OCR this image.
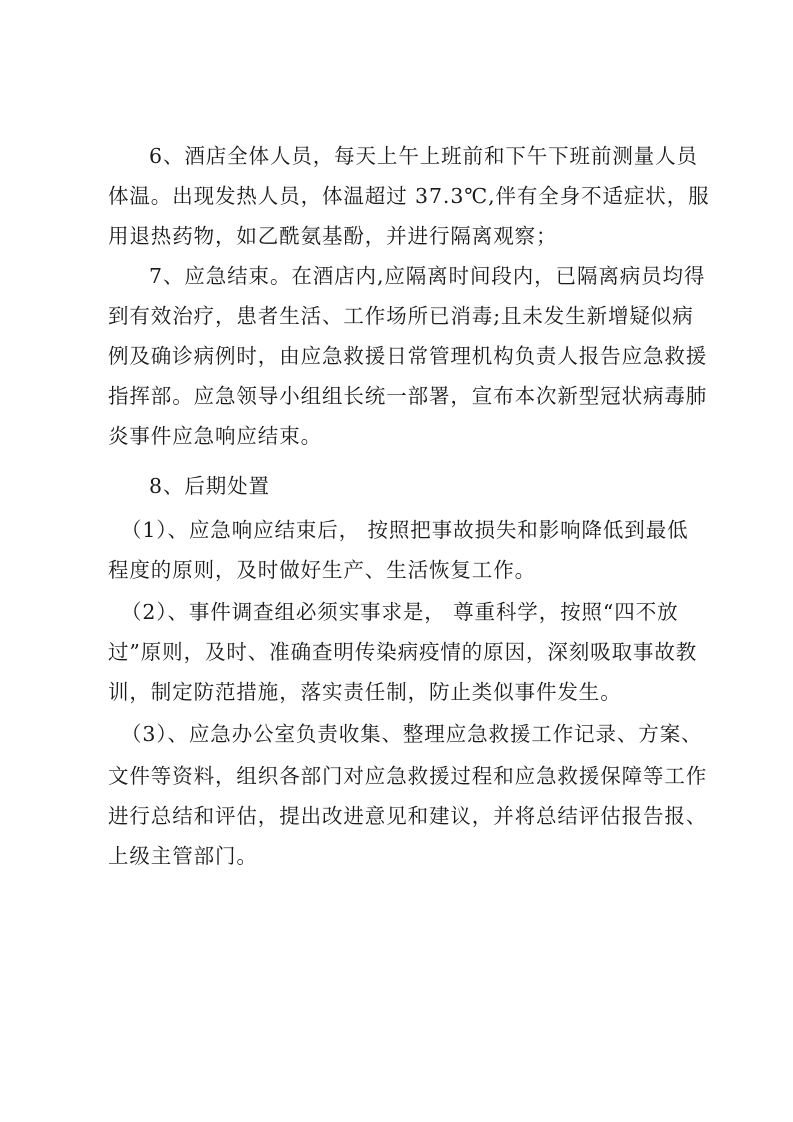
6、酒店全体人员，每天上午上班前和下午下班前测量人员

体温。出现发热人员，体温超过 37.3℃,伴有全身不适症状，服

用退热药物，如乙酰氨基酚，并进行隔离观察；

7、应急结束。在酒店内,应隔离时间段内，已隔离病员均得

到有效治疗，患者生活、工作场所已消毒;且未发生新增疑似病

例及确诊病例时，由应急救援日常管理机构负责人报告应急救援

指挥部。应急领导小组组长统一部署，宣布本次新型冠状病毒肺

炎事件应急响应结束。

8、后期处置

（1）、应急响应结束后， 按照把事故损失和影响降低到最低

程度的原则，及时做好生产、生活恢复工作。

（2）、事件调查组必须实事求是， 尊重科学，按照“四不放

过”原则，及时、准确查明传染病疫情的原因，深刻吸取事故教

训，制定防范措施，落实责任制，防止类似事件发生。

（3）、应急办公室负责收集、整理应急救援工作记录、方案、

文件等资料，组织各部门对应急救援过程和应急救援保障等工作

进行总结和评估，提出改进意见和建议，并将总结评估报告报、

上级主管部门。
